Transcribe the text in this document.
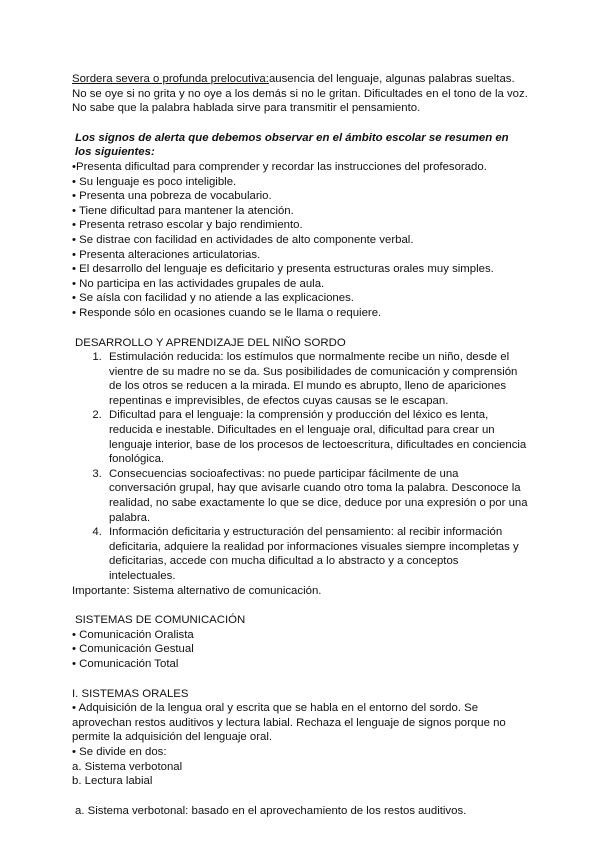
Sordera severa o profunda prelocutiva:ausencia del lenguaje, algunas palabras sueltas. No se oye si no grita y no oye a los demás si no le gritan. Dificultades en el tono de la voz. No sabe que la palabra hablada sirve para transmitir el pensamiento.

Los signos de alerta que debemos observar en el ámbito escolar se resumen en los siguientes:

•Presenta dificultad para comprender y recordar las instrucciones del profesorado.
• Su lenguaje es poco inteligible.
• Presenta una pobreza de vocabulario.
• Tiene dificultad para mantener la atención.
• Presenta retraso escolar y bajo rendimiento.
• Se distrae con facilidad en actividades de alto componente verbal.
• Presenta alteraciones articulatorias.
• El desarrollo del lenguaje es deficitario y presenta estructuras orales muy simples.
• No participa en las actividades grupales de aula.
• Se aísla con facilidad y no atiende a las explicaciones.
• Responde sólo en ocasiones cuando se le llama o requiere.

DESARROLLO Y APRENDIZAJE DEL NIÑO SORDO

1. Estimulación reducida: los estímulos que normalmente recibe un niño, desde el vientre de su madre no se da. Sus posibilidades de comunicación y comprensión de los otros se reducen a la mirada. El mundo es abrupto, lleno de apariciones repentinas e imprevisibles, de efectos cuyas causas se le escapan.
2. Dificultad para el lenguaje: la comprensión y producción del léxico es lenta, reducida e inestable. Dificultades en el lenguaje oral, dificultad para crear un lenguaje interior, base de los procesos de lectoescritura, dificultades en conciencia fonológica.
3. Consecuencias socioafectivas: no puede participar fácilmente de una conversación grupal, hay que avisarle cuando otro toma la palabra. Desconoce la realidad, no sabe exactamente lo que se dice, deduce por una expresión o por una palabra.
4. Información deficitaria y estructuración del pensamiento: al recibir información deficitaria, adquiere la realidad por informaciones visuales siempre incompletas y deficitarias, accede con mucha dificultad a lo abstracto y a conceptos intelectuales.

Importante: Sistema alternativo de comunicación.

SISTEMAS DE COMUNICACIÓN

• Comunicación Oralista
• Comunicación Gestual
• Comunicación Total

I. SISTEMAS ORALES

• Adquisición de la lengua oral y escrita que se habla en el entorno del sordo. Se aprovechan restos auditivos y lectura labial. Rechaza el lenguaje de signos porque no permite la adquisición del lenguaje oral.

• Se divide en dos:

a. Sistema verbotonal

b. Lectura labial

a. Sistema verbotonal: basado en el aprovechamiento de los restos auditivos.
